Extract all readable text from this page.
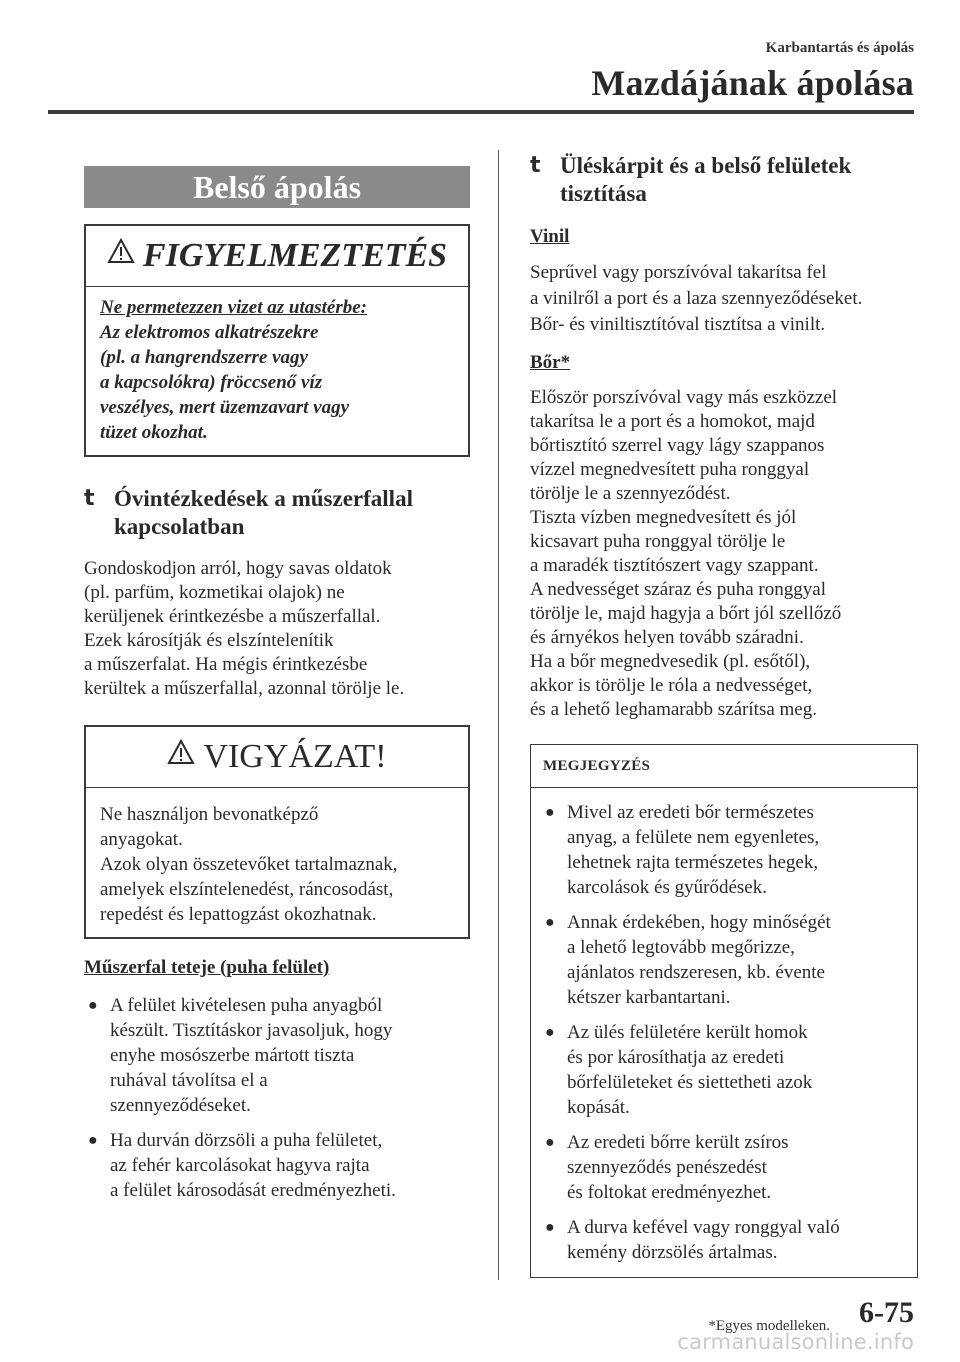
Karbantartás és ápolás
Mazdájának ápolása
Belső ápolás
FIGYELMEZTETÉS
Ne permetezzen vizet az utastérbe:
Az elektromos alkatrészekre
(pl. a hangrendszerre vagy
a kapcsolókra) fröccsenő víz
veszélyes, mert üzemzavart vagy
tüzet okozhat.
t Óvintézkedések a műszerfallal
kapcsolatban

Gondoskodjon arról, hogy savas oldatok

(pl. parfüm, kozmetikai olajok) ne

kerüljenek érintkezésbe a műszerfallal.

Ezek károsítják és elszíntelenítik

a műszerfalat. Ha mégis érintkezésbe

kerültek a műszerfallal, azonnal törölje le.

VIGYÁZAT!
Ne használjon bevonatképző
anyagokat.
Azok olyan összetevőket tartalmaznak,
amelyek elszíntelenedést, ráncosodást,
repedést és lepattogzást okozhatnak.
Műszerfal teteje (puha felület)
● A felület kivételesen puha anyagból
készült. Tisztításkor javasoljuk, hogy
enyhe mosószerbe mártott tiszta
ruhával távolítsa el a
szennyeződéseket.
● Ha durván dörzsöli a puha felületet,
az fehér karcolásokat hagyva rajta
a felület károsodását eredményezheti.
t Üléskárpit és a belső felületek
tisztítása
Vinil

Seprűvel vagy porszívóval takarítsa fel

a vinilről a port és a laza szennyeződéseket.

Bőr- és viniltisztítóval tisztítsa a vinilt.

Bőr*

Először porszívóval vagy más eszközzel

takarítsa le a port és a homokot, majd

bőrtisztító szerrel vagy lágy szappanos

vízzel megnedvesített puha ronggyal

törölje le a szennyeződést.

Tiszta vízben megnedvesített és jól

kicsavart puha ronggyal törölje le

a maradék tisztítószert vagy szappant.

A nedvességet száraz és puha ronggyal

törölje le, majd hagyja a bőrt jól szellőző

és árnyékos helyen tovább száradni.

Ha a bőr megnedvesedik (pl. esőtől),

akkor is törölje le róla a nedvességet,

és a lehető leghamarabb szárítsa meg.

MEGJEGYZÉS
● Mivel az eredeti bőr természetes
anyag, a felülete nem egyenletes,
lehetnek rajta természetes hegek,
karcolások és gyűrődések.
● Annak érdekében, hogy minőségét
a lehető legtovább megőrizze,
ajánlatos rendszeresen, kb. évente
kétszer karbantartani.
● Az ülés felületére került homok
és por károsíthatja az eredeti
bőrfelületeket és siettetheti azok
kopását.
● Az eredeti bőrre került zsíros
szennyeződés penészedést
és foltokat eredményezhet.
● A durva kefével vagy ronggyal való
kemény dörzsölés ártalmas.
*Egyes modelleken. 6-75
carmanualsonline.info
